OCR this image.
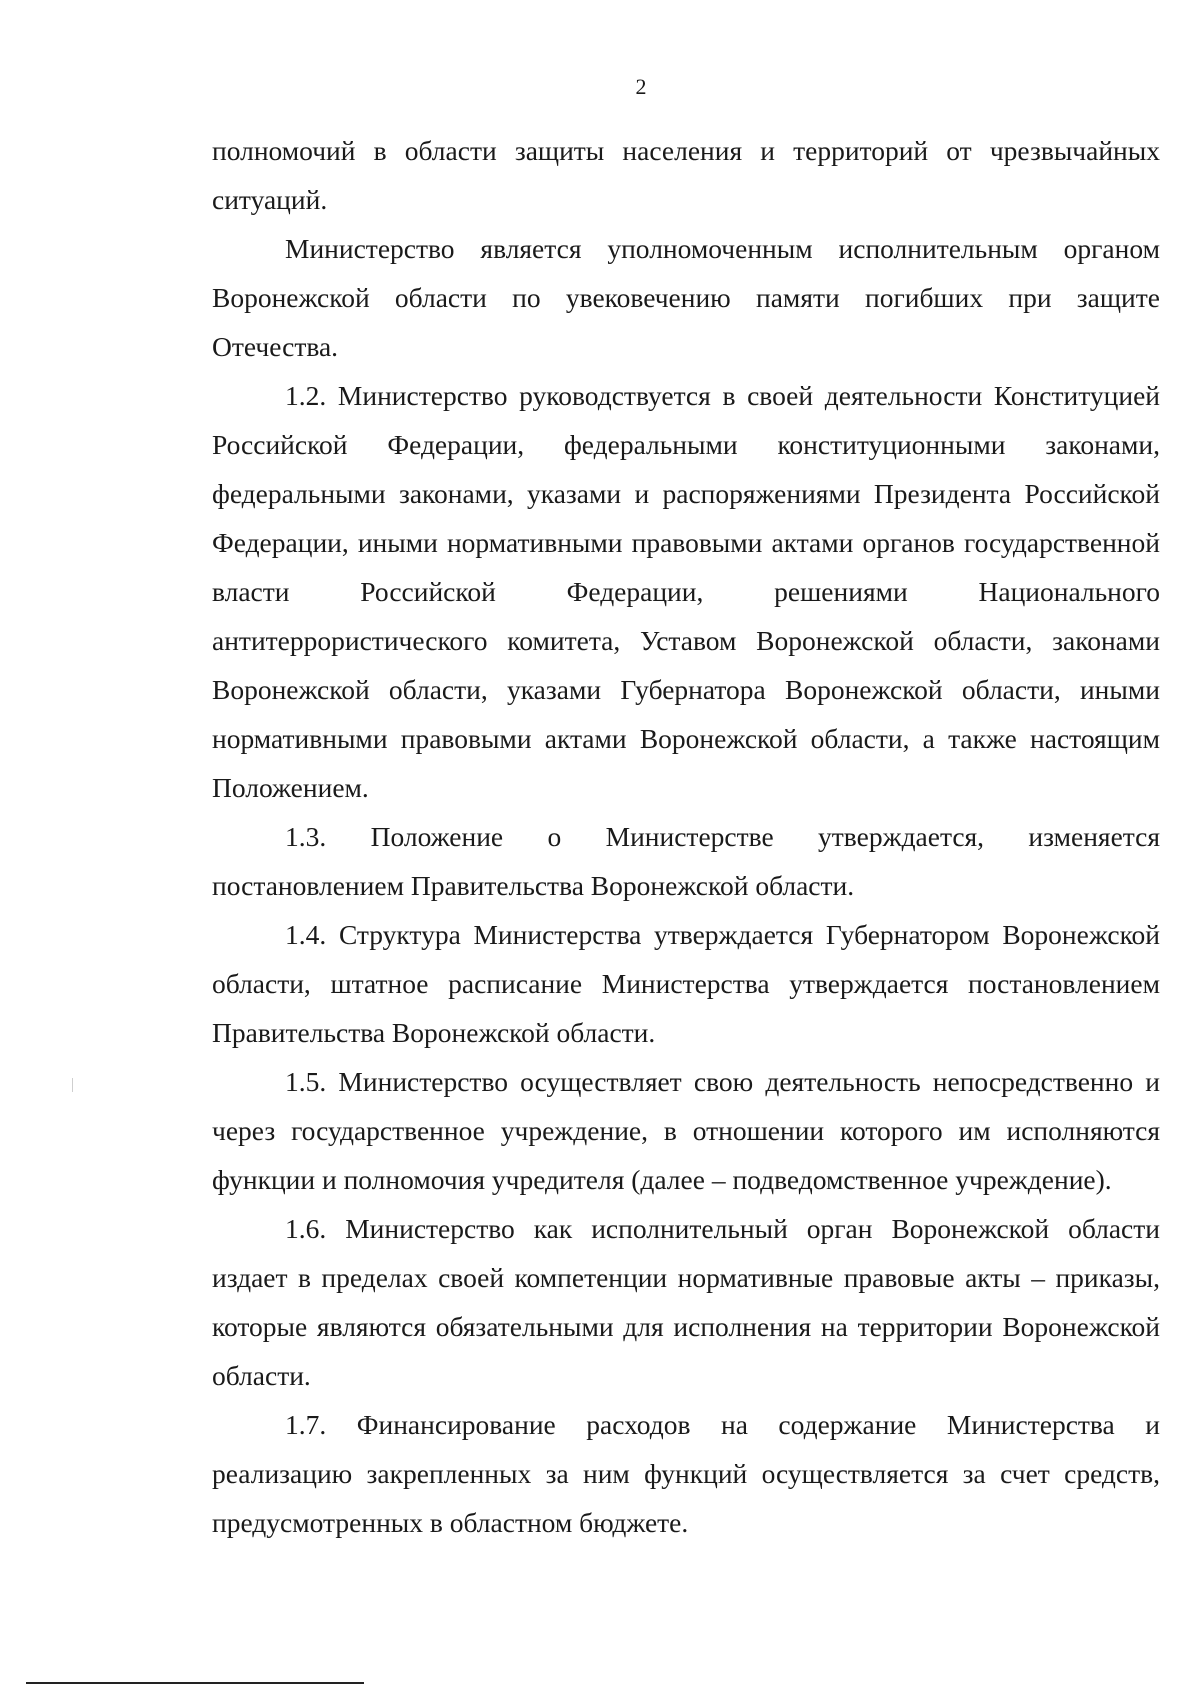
2

полномочий в области защиты населения и территорий от чрезвычайных ситуаций.

Министерство является уполномоченным исполнительным органом Воронежской области по увековечению памяти погибших при защите Отечества.

1.2. Министерство руководствуется в своей деятельности Конституцией Российской Федерации, федеральными конституционными законами, федеральными законами, указами и распоряжениями Президента Российской Федерации, иными нормативными правовыми актами органов государственной власти Российской Федерации, решениями Национального антитеррористического комитета, Уставом Воронежской области, законами Воронежской области, указами Губернатора Воронежской области, иными нормативными правовыми актами Воронежской области, а также настоящим Положением.

1.3. Положение о Министерстве утверждается, изменяется постановлением Правительства Воронежской области.

1.4. Структура Министерства утверждается Губернатором Воронежской области, штатное расписание Министерства утверждается постановлением Правительства Воронежской области.

1.5. Министерство осуществляет свою деятельность непосредственно и через государственное учреждение, в отношении которого им исполняются функции и полномочия учредителя (далее – подведомственное учреждение).

1.6. Министерство как исполнительный орган Воронежской области издает в пределах своей компетенции нормативные правовые акты – приказы, которые являются обязательными для исполнения на территории Воронежской области.

1.7. Финансирование расходов на содержание Министерства и реализацию закрепленных за ним функций осуществляется за счет средств, предусмотренных в областном бюджете.
